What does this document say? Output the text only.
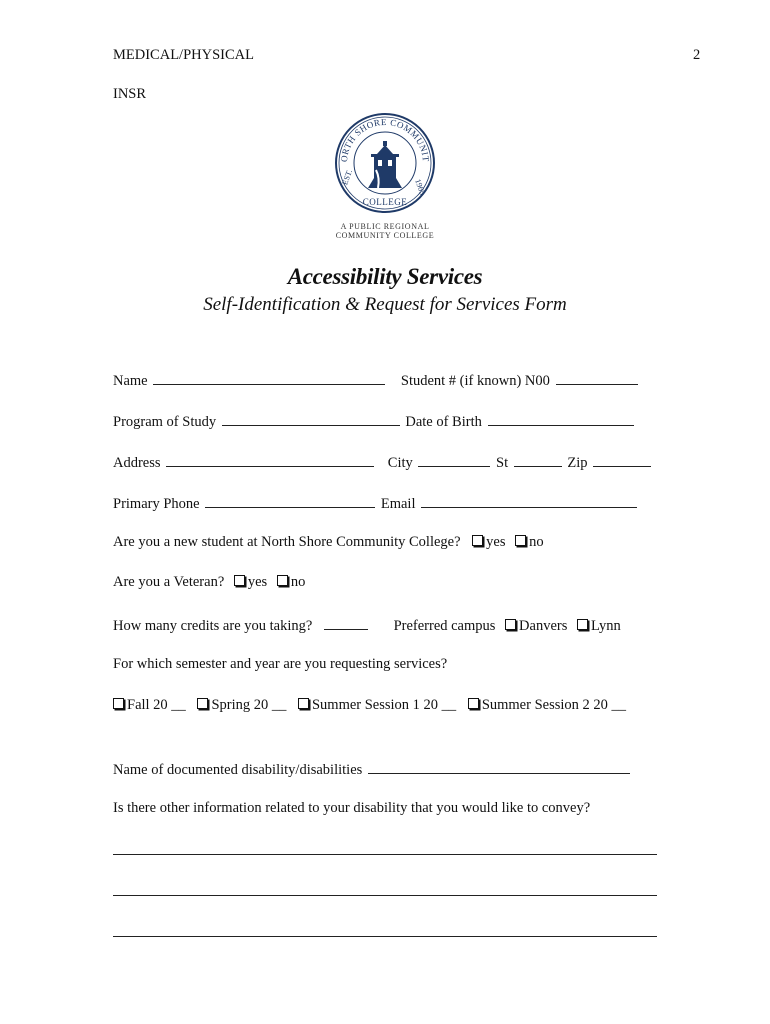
MEDICAL/PHYSICAL	2
INSR
ORTH SHORE COMMUNIT
EST.
1965
COLLEGE
A PUBLIC REGIONAL
COMMUNITY COLLEGE
Accessibility Services
Self-Identification & Request for Services Form
Name	Student # (if known) N00
Program of Study	Date of Birth
Address	City	St	Zip
Primary Phone	Email
Are you a new student at North Shore Community College? yes no
Are you a Veteran? yes no
How many credits are you taking?	Preferred campus Danvers Lynn
For which semester and year are you requesting services?
Fall 20 __ Spring 20 __ Summer Session 1 20 __ Summer Session 2 20 __
Name of documented disability/disabilities
Is there other information related to your disability that you would like to convey?
